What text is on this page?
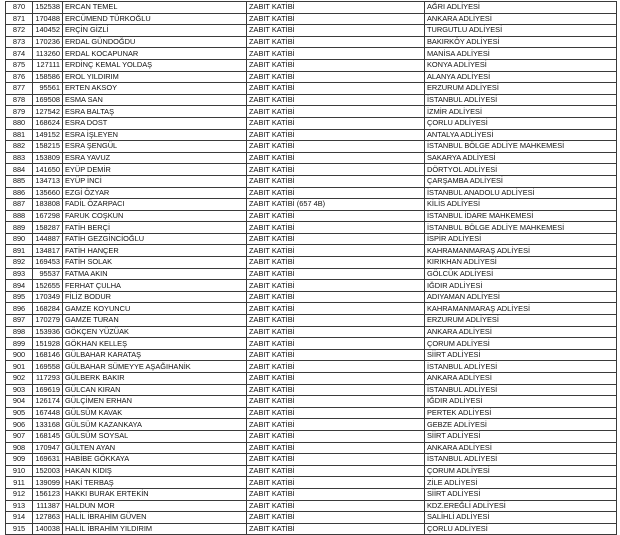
870	152538	ERCAN TEMEL	ZABIT KATİBİ	AĞRI ADLİYESİ
871	170488	ERCÜMEND TÜRKOĞLU	ZABIT KATİBİ	ANKARA ADLİYESİ
872	140452	ERÇİN GİZLİ	ZABIT KATİBİ	TURGUTLU ADLİYESİ
873	170236	ERDAL GÜNDOĞDU	ZABIT KATİBİ	BAKIRKÖY ADLİYESİ
874	113260	ERDAL KOCAPUNAR	ZABIT KATİBİ	MANİSA ADLİYESİ
875	127111	ERDİNÇ KEMAL YOLDAŞ	ZABIT KATİBİ	KONYA ADLİYESİ
876	158586	EROL YILDIRIM	ZABIT KATİBİ	ALANYA ADLİYESİ
877	95561	ERTEN AKSOY	ZABIT KATİBİ	ERZURUM ADLİYESİ
878	169508	ESMA SAN	ZABIT KATİBİ	İSTANBUL ADLİYESİ
879	127542	ESRA BALTAŞ	ZABIT KATİBİ	İZMİR ADLİYESİ
880	168624	ESRA DOST	ZABIT KATİBİ	ÇORLU ADLİYESİ
881	149152	ESRA İŞLEYEN	ZABIT KATİBİ	ANTALYA ADLİYESİ
882	158215	ESRA ŞENGÜL	ZABIT KATİBİ	İSTANBUL BÖLGE ADLİYE MAHKEMESİ
883	153809	ESRA YAVUZ	ZABIT KATİBİ	SAKARYA ADLİYESİ
884	141650	EYÜP DEMİR	ZABIT KATİBİ	DÖRTYOL ADLİYESİ
885	134713	EYÜP İNCİ	ZABIT KATİBİ	ÇARŞAMBA ADLİYESİ
886	135660	EZGİ ÖZYAR	ZABIT KATİBİ	İSTANBUL ANADOLU ADLİYESİ
887	183808	FADİL ÖZARPACI	ZABIT KATİBİ (657 4B)	KİLİS ADLİYESİ
888	167298	FARUK COŞKUN	ZABIT KATİBİ	İSTANBUL İDARE MAHKEMESİ
889	158287	FATİH BERÇİ	ZABIT KATİBİ	İSTANBUL BÖLGE ADLİYE MAHKEMESİ
890	144887	FATİH GEZGİNCİOĞLU	ZABIT KATİBİ	İSPİR ADLİYESİ
891	134817	FATİH HANÇER	ZABIT KATİBİ	KAHRAMANMARAŞ ADLİYESİ
892	169453	FATİH SOLAK	ZABIT KATİBİ	KIRIKHAN ADLİYESİ
893	95537	FATMA AKIN	ZABIT KATİBİ	GÖLCÜK ADLİYESİ
894	152655	FERHAT ÇULHA	ZABIT KATİBİ	IĞDIR ADLİYESİ
895	170349	FİLİZ BODUR	ZABIT KATİBİ	ADIYAMAN ADLİYESİ
896	168284	GAMZE KOYUNCU	ZABIT KATİBİ	KAHRAMANMARAŞ ADLİYESİ
897	170279	GAMZE TURAN	ZABIT KATİBİ	ERZURUM ADLİYESİ
898	153936	GÖKÇEN YÜZÜAK	ZABIT KATİBİ	ANKARA ADLİYESİ
899	151928	GÖKHAN KELLEŞ	ZABIT KATİBİ	ÇORUM ADLİYESİ
900	168146	GÜLBAHAR KARATAŞ	ZABIT KATİBİ	SİİRT ADLİYESİ
901	169558	GÜLBAHAR SÜMEYYE AŞAĞIHANİK	ZABIT KATİBİ	İSTANBUL ADLİYESİ
902	117293	GÜLBERK BAKIR	ZABIT KATİBİ	ANKARA ADLİYESİ
903	169619	GÜLCAN KIRAN	ZABIT KATİBİ	İSTANBUL ADLİYESİ
904	126174	GÜLÇİMEN ERHAN	ZABIT KATİBİ	IĞDIR ADLİYESİ
905	167448	GÜLSÜM KAVAK	ZABIT KATİBİ	PERTEK ADLİYESİ
906	133168	GÜLSÜM KAZANKAYA	ZABIT KATİBİ	GEBZE ADLİYESİ
907	168145	GÜLSÜM SOYSAL	ZABIT KATİBİ	SİİRT ADLİYESİ
908	170947	GÜLTEN AYAN	ZABIT KATİBİ	ANKARA ADLİYESİ
909	169631	HABİBE GÖKKAYA	ZABIT KATİBİ	İSTANBUL ADLİYESİ
910	152003	HAKAN KIDIŞ	ZABIT KATİBİ	ÇORUM ADLİYESİ
911	139099	HAKİ TERBAŞ	ZABIT KATİBİ	ZİLE ADLİYESİ
912	156123	HAKKI BURAK ERTEKİN	ZABIT KATİBİ	SİİRT ADLİYESİ
913	111387	HALDUN MOR	ZABIT KATİBİ	KDZ.EREĞLİ ADLİYESİ
914	127863	HALİL İBRAHİM GÜVEN	ZABIT KATİBİ	SALİHLİ ADLİYESİ
915	140038	HALİL İBRAHİM YILDIRIM	ZABIT KATİBİ	ÇORLU ADLİYESİ
